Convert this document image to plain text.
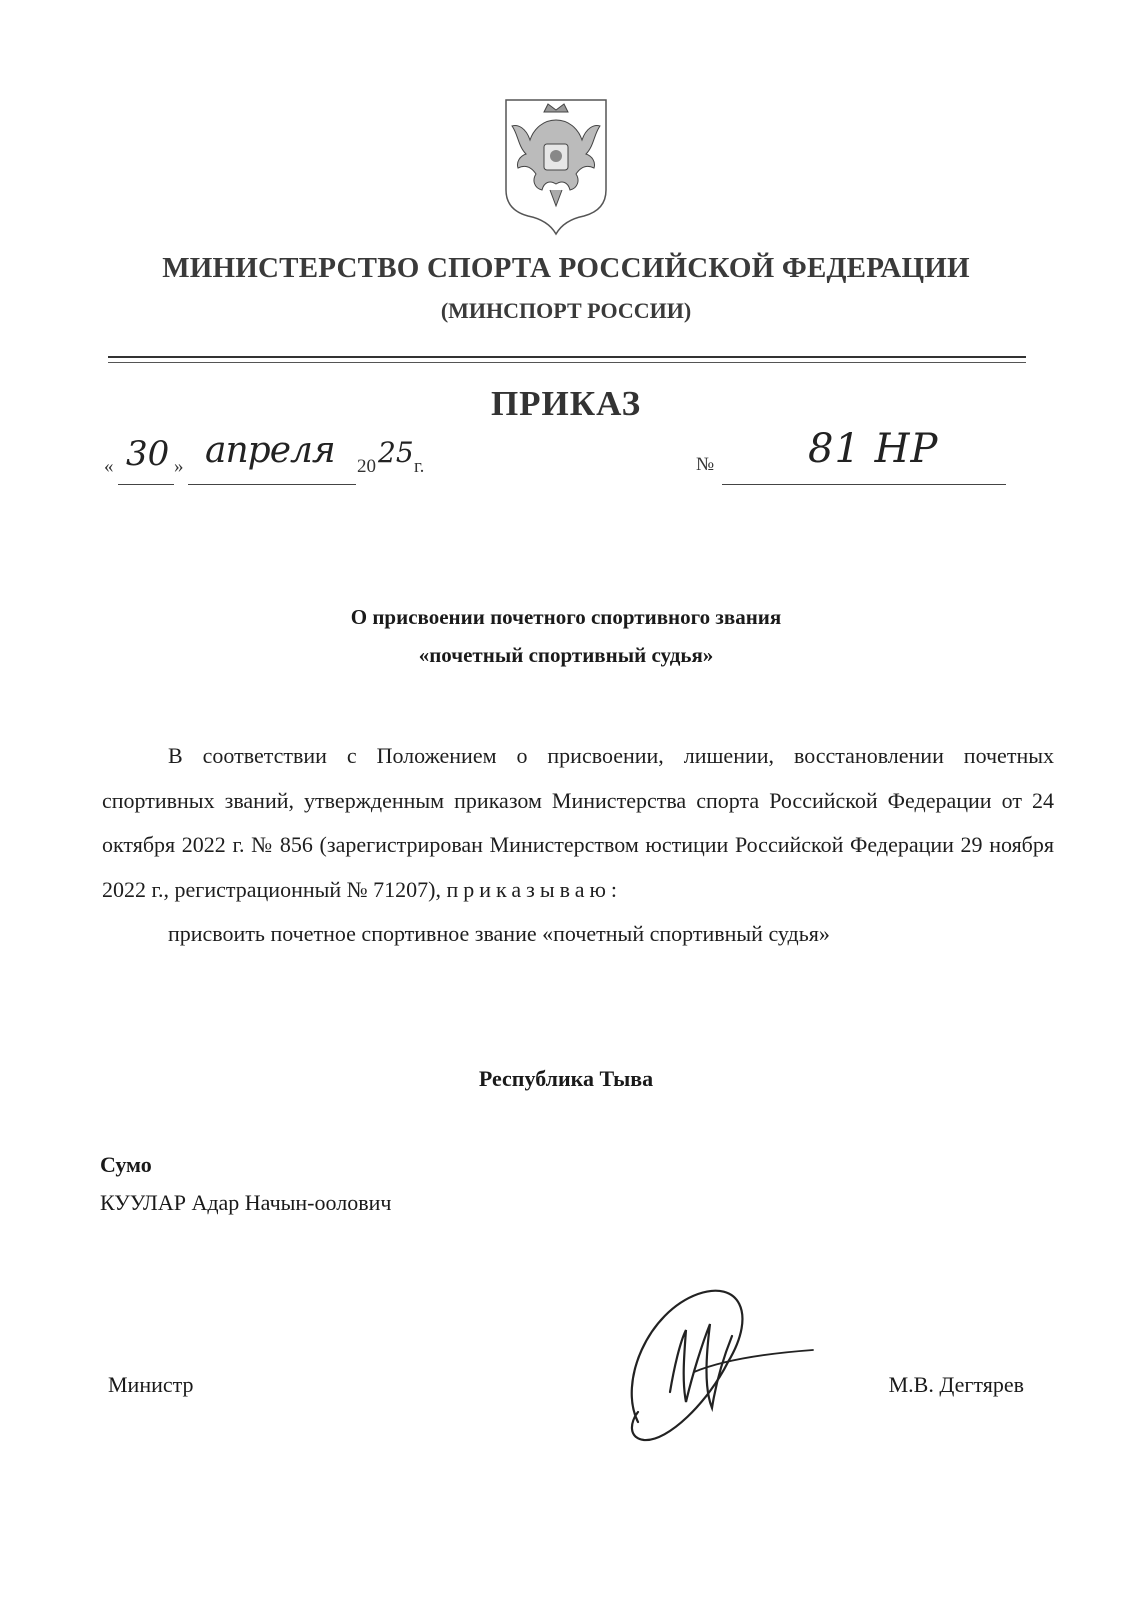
МИНИСТЕРСТВО СПОРТА РОССИЙСКОЙ ФЕДЕРАЦИИ
(МИНСПОРТ РОССИИ)
ПРИКАЗ
« 30 » апреля 20 25 г.	№ 81 НР
О присвоении почетного спортивного звания
«почетный спортивный судья»

В соответствии с Положением о присвоении, лишении, восстановлении почетных спортивных званий, утвержденным приказом Министерства спорта Российской Федерации от 24 октября 2022 г. № 856 (зарегистрирован Министерством юстиции Российской Федерации 29 ноября 2022 г., регистрационный № 71207), приказываю:

присвоить почетное спортивное звание «почетный спортивный судья»

Республика Тыва
Сумо
КУУЛАР Адар Начын-оолович
Министр	М.В. Дегтярев
